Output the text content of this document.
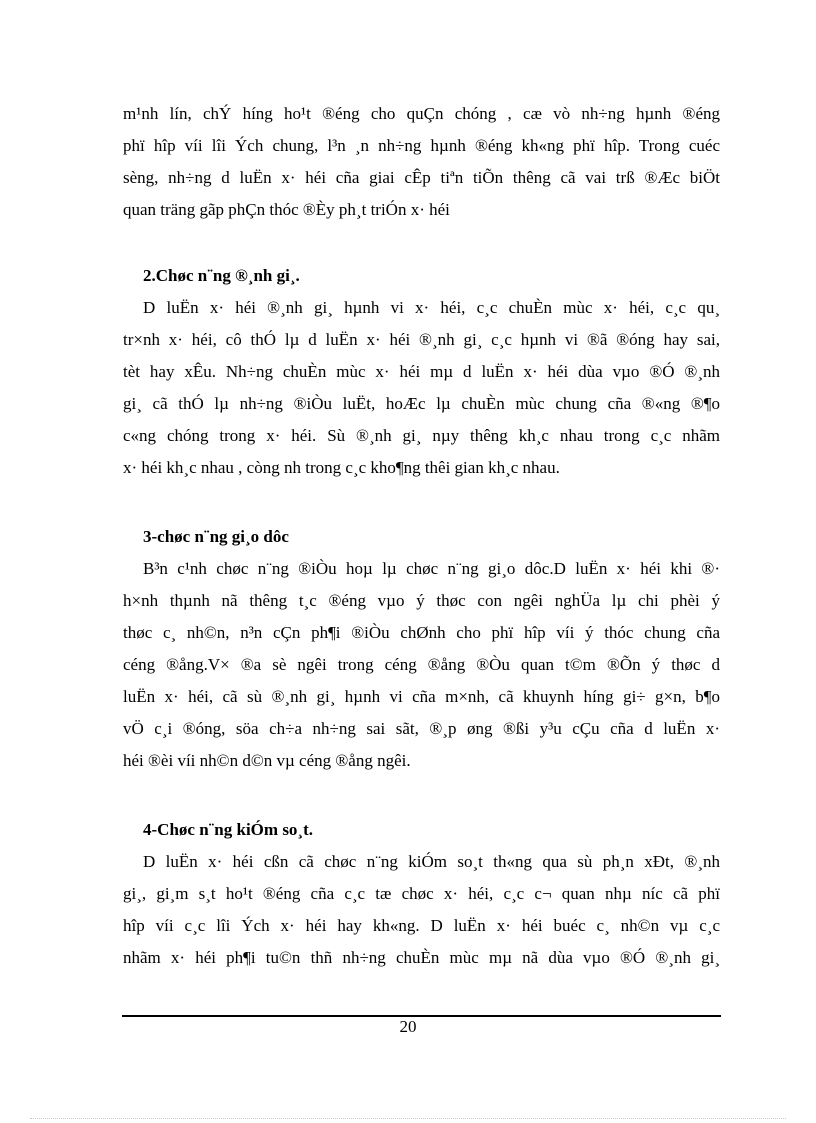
m¹nh lín, chÝ híng ho¹t ®éng cho quÇn chóng , cæ vò nh÷ng hµnh ®éng
phï hîp víi lîi Ých chung, l³n ¸n nh÷ng hµnh ®éng kh«ng phï hîp. Trong cuéc
sèng, nh÷ng d luËn x· héi cña giai cÊp tiªn tiÕn thêng cã vai trß ®Æc biÖt
quan träng gãp phÇn thóc ®Èy ph¸t triÓn x· héi

2.Chøc n¨ng ®¸nh gi¸.

D luËn x· héi ®¸nh gi¸ hµnh vi x· héi, c¸c chuÈn mùc x· héi, c¸c qu¸
tr×nh x· héi, cô thÓ lµ d luËn x· héi ®¸nh gi¸ c¸c hµnh vi ®ã ®óng hay sai,
tèt hay xÊu. Nh÷ng chuÈn mùc x· héi mµ d luËn x· héi dùa vµo ®Ó ®¸nh
gi¸ cã thÓ lµ nh÷ng ®iÒu luËt, hoÆc lµ chuÈn mùc chung cña ®«ng ®¶o
c«ng chóng trong x· héi. Sù ®¸nh gi¸ nµy thêng kh¸c nhau trong c¸c nhãm
x· héi kh¸c nhau , còng nh trong c¸c kho¶ng thêi gian kh¸c nhau.

3-chøc n¨ng gi¸o dôc

B³n c¹nh chøc n¨ng ®iÒu hoµ lµ chøc n¨ng gi¸o dôc.D luËn x· héi khi ®·
h×nh thµnh nã thêng t¸c ®éng vµo ý thøc con ngêi nghÜa lµ chi phèi ý
thøc c¸ nh©n, n³n cÇn ph¶i ®iÒu chØnh cho phï hîp víi ý thóc chung cña
céng ®ång.V× ®a sè ngêi trong céng ®ång ®Òu quan t©m ®Õn ý thøc d
luËn x· héi, cã sù ®¸nh gi¸ hµnh vi cña m×nh, cã khuynh híng gi÷ g×n, b¶o
vÖ c¸i ®óng, söa ch÷a nh÷ng sai sãt, ®¸p øng ®ßi y³u cÇu cña d luËn x·
héi ®èi víi nh©n d©n vµ céng ®ång ngêi.

4-Chøc n¨ng kiÓm so¸t.

D luËn x· héi cßn cã chøc n¨ng kiÓm so¸t th«ng qua sù ph¸n xÐt, ®¸nh
gi¸, gi¸m s¸t ho¹t ®éng cña c¸c tæ chøc x· héi, c¸c c¬ quan nhµ níc cã phï
hîp víi c¸c lîi Ých x· héi hay kh«ng. D luËn x· héi buéc c¸ nh©n vµ c¸c
nhãm x· héi ph¶i tu©n thñ nh÷ng chuÈn mùc mµ nã dùa vµo ®Ó ®¸nh gi¸

20
